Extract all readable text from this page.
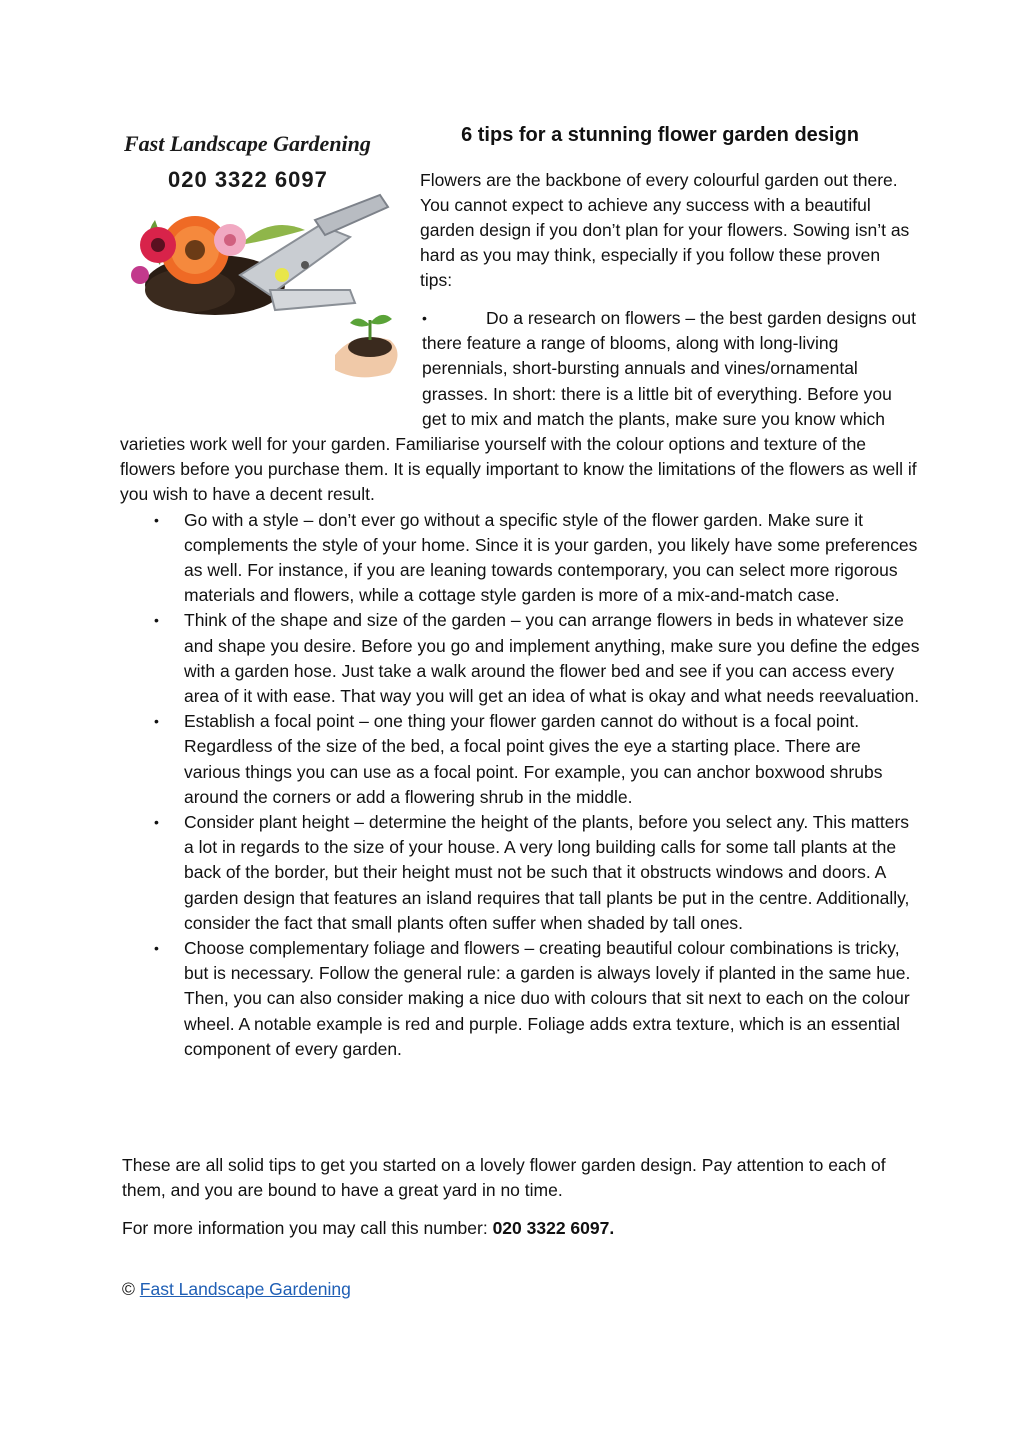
Fast Landscape Gardening
020 3322 6097
6 tips for a stunning flower garden design

Flowers are the backbone of every colourful garden out there. You cannot expect to achieve any success with a beautiful garden design if you don’t plan for your flowers. Sowing isn’t as hard as you may think, especially if you follow these proven tips:

•	Do a research on flowers – the best garden designs out there feature a range of blooms, along with long-living perennials, short-bursting annuals and vines/ornamental grasses. In short: there is a little bit of everything. Before you get to mix and match the plants, make sure you know which varieties work well for your garden. Familiarise yourself with the colour options and texture of the flowers before you purchase them. It is equally important to know the limitations of the flowers as well if you wish to have a decent result.
•	Go with a style – don’t ever go without a specific style of the flower garden. Make sure it complements the style of your home. Since it is your garden, you likely have some preferences as well. For instance, if you are leaning towards contemporary, you can select more rigorous materials and flowers, while a cottage style garden is more of a mix-and-match case.
•	Think of the shape and size of the garden – you can arrange flowers in beds in whatever size and shape you desire. Before you go and implement anything, make sure you define the edges with a garden hose. Just take a walk around the flower bed and see if you can access every area of it with ease. That way you will get an idea of what is okay and what needs reevaluation.
•	Establish a focal point – one thing your flower garden cannot do without is a focal point. Regardless of the size of the bed, a focal point gives the eye a starting place. There are various things you can use as a focal point. For example, you can anchor boxwood shrubs around the corners or add a flowering shrub in the middle.
•	Consider plant height – determine the height of the plants, before you select any. This matters a lot in regards to the size of your house. A very long building calls for some tall plants at the back of the border, but their height must not be such that it obstructs windows and doors. A garden design that features an island requires that tall plants be put in the centre. Additionally, consider the fact that small plants often suffer when shaded by tall ones.
•	Choose complementary foliage and flowers – creating beautiful colour combinations is tricky, but is necessary. Follow the general rule: a garden is always lovely if planted in the same hue. Then, you can also consider making a nice duo with colours that sit next to each on the colour wheel. A notable example is red and purple. Foliage adds extra texture, which is an essential component of every garden.

These are all solid tips to get you started on a lovely flower garden design. Pay attention to each of them, and you are bound to have a great yard in no time.

For more information you may call this number: 020 3322 6097.

© Fast Landscape Gardening
